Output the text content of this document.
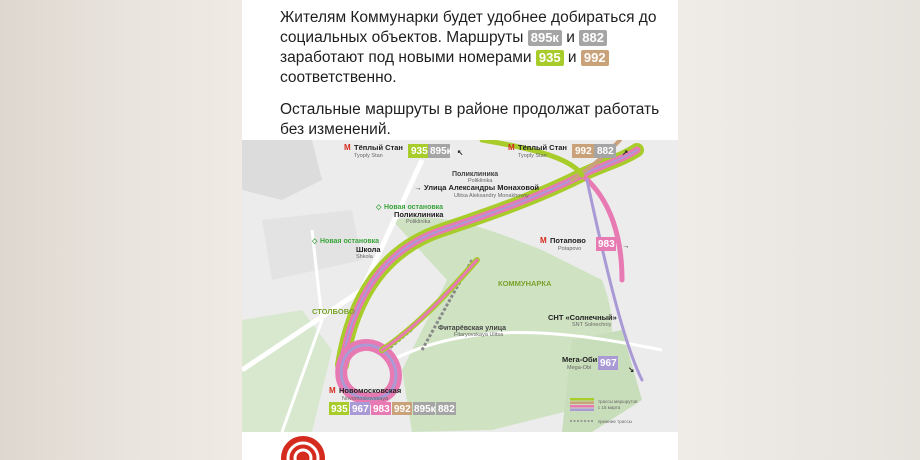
Жителям Коммунарки будет удобнее добираться до социальных объектов. Маршруты 895к и 882 заработают под новыми номерами 935 и 992 соответственно.

Остальные маршруты в районе продолжат работать без изменений.

М Тёплый Стан
Tyoply Stan	935 895к ↖
М Тёплый Стан
Tyoply Stan	992 882 ↗
Поликлиника
Poliklinika
→ Улица Александры Монаховой
Ulitsa Aleksandry Monakhovoy
◇ Новая остановка
Поликлиника
Poliklinika
◇ Новая остановка
Школа
Shkola
М Потапово
Potapovo 983 →
КОММУНАРКА
СТОЛБОВО
СНТ «Солнечный»
SNT Solnechniy
Фитарёвская улица
Fitaryovskaya Ulitsa
Мега-Оби
Mega-Obi 967
↘
М Новомосковская
Novomoskovskaya
935 967 983 992 895к 882
трассы маршрутов
с 15 марта
прежние трассы
